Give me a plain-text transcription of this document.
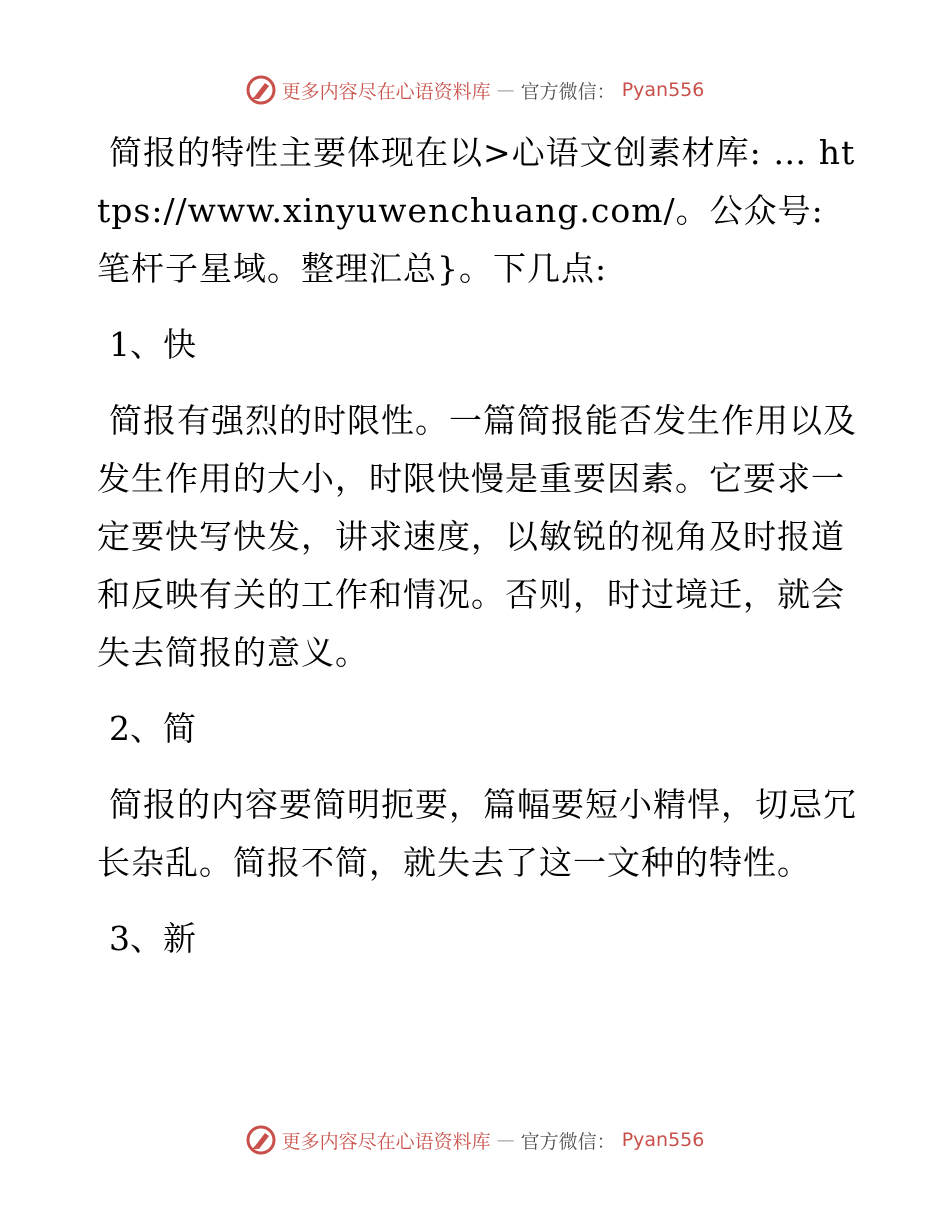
更多内容尽在心语资料库 — 官方微信： Pyan556

简报的特性主要体现在以>心语文创素材库: … https://www.xinyuwenchuang.com/。公众号: 笔杆子星域。整理汇总}。下几点:

1、快

简报有强烈的时限性。一篇简报能否发生作用以及发生作用的大小，时限快慢是重要因素。它要求一定要快写快发，讲求速度，以敏锐的视角及时报道和反映有关的工作和情况。否则，时过境迁，就会失去简报的意义。

2、简

简报的内容要简明扼要，篇幅要短小精悍，切忌冗长杂乱。简报不简，就失去了这一文种的特性。

3、新
更多内容尽在心语资料库 — 官方微信： Pyan556
